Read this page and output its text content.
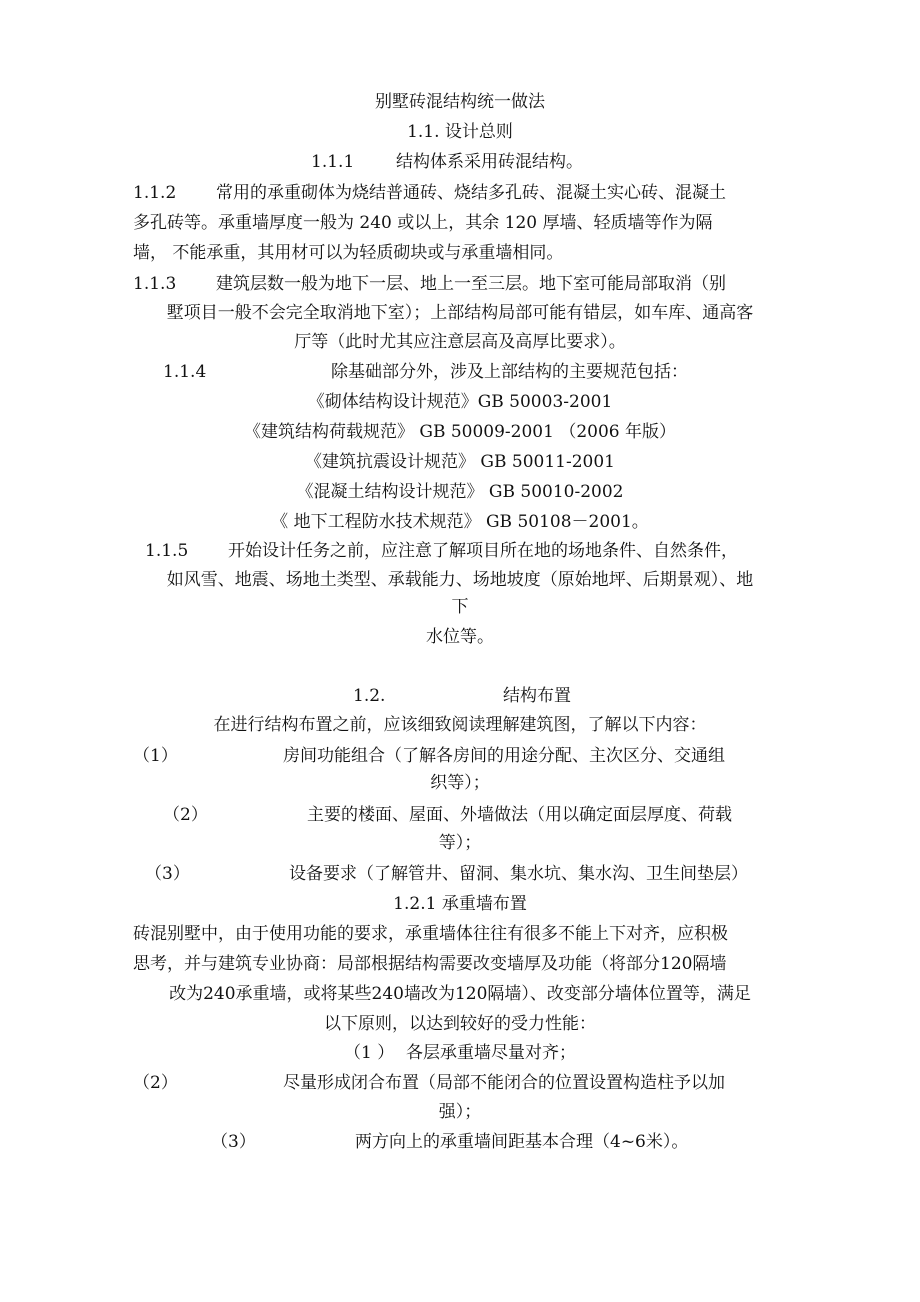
别墅砖混结构统一做法
1.1. 设计总则
1.1.1 结构体系采用砖混结构。
1.1.2 常用的承重砌体为烧结普通砖、烧结多孔砖、混凝土实心砖、混凝土
多孔砖等。承重墙厚度一般为 240 或以上，其余 120 厚墙、轻质墙等作为隔
墙， 不能承重，其用材可以为轻质砌块或与承重墙相同。
1.1.3 建筑层数一般为地下一层、地上一至三层。地下室可能局部取消（别
墅项目一般不会完全取消地下室）；上部结构局部可能有错层，如车库、通高客
厅等（此时尤其应注意层高及高厚比要求）。
1.1.4	除基础部分外，涉及上部结构的主要规范包括：
《砌体结构设计规范》GB 50003-2001
《建筑结构荷载规范》 GB 50009-2001 （2006 年版）
《建筑抗震设计规范》 GB 50011-2001
《混凝土结构设计规范》 GB 50010-2002
《 地下工程防水技术规范》 GB 50108－2001。
1.1.5 开始设计任务之前，应注意了解项目所在地的场地条件、自然条件，
如风雪、地震、场地土类型、承载能力、场地坡度（原始地坪、后期景观）、地
下
水位等。
1.2.	结构布置
在进行结构布置之前，应该细致阅读理解建筑图，了解以下内容：
（1）	房间功能组合（了解各房间的用途分配、主次区分、交通组
织等）；
（2）	主要的楼面、屋面、外墙做法（用以确定面层厚度、荷载
等）；
（3）	设备要求（了解管井、留洞、集水坑、集水沟、卫生间垫层）
1.2.1 承重墙布置
砖混别墅中，由于使用功能的要求，承重墙体往往有很多不能上下对齐，应积极
思考，并与建筑专业协商：局部根据结构需要改变墙厚及功能（将部分120隔墙
改为240承重墙，或将某些240墙改为120隔墙）、改变部分墙体位置等，满足
以下原则，以达到较好的受力性能：
（1 ） 各层承重墙尽量对齐；
（2）	尽量形成闭合布置（局部不能闭合的位置设置构造柱予以加
强）；
（3）	两方向上的承重墙间距基本合理（4~6米）。
